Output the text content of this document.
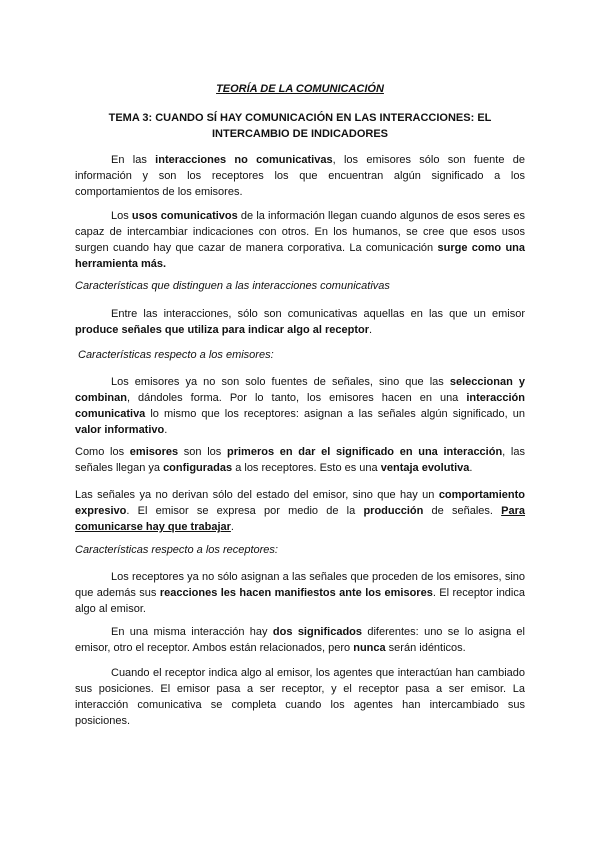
TEORÍA DE LA COMUNICACIÓN
TEMA 3: CUANDO SÍ HAY COMUNICACIÓN EN LAS INTERACCIONES: EL INTERCAMBIO DE INDICADORES

En las interacciones no comunicativas, los emisores sólo son fuente de información y son los receptores los que encuentran algún significado a los comportamientos de los emisores.

Los usos comunicativos de la información llegan cuando algunos de esos seres es capaz de intercambiar indicaciones con otros. En los humanos, se cree que esos usos surgen cuando hay que cazar de manera corporativa. La comunicación surge como una herramienta más.

Características que distinguen a las interacciones comunicativas

Entre las interacciones, sólo son comunicativas aquellas en las que un emisor produce señales que utiliza para indicar algo al receptor.

Características respecto a los emisores:

Los emisores ya no son solo fuentes de señales, sino que las seleccionan y combinan, dándoles forma. Por lo tanto, los emisores hacen en una interacción comunicativa lo mismo que los receptores: asignan a las señales algún significado, un valor informativo.

Como los emisores son los primeros en dar el significado en una interacción, las señales llegan ya configuradas a los receptores. Esto es una ventaja evolutiva.

Las señales ya no derivan sólo del estado del emisor, sino que hay un comportamiento expresivo. El emisor se expresa por medio de la producción de señales. Para comunicarse hay que trabajar.

Características respecto a los receptores:

Los receptores ya no sólo asignan a las señales que proceden de los emisores, sino que además sus reacciones les hacen manifiestos ante los emisores. El receptor indica algo al emisor.

En una misma interacción hay dos significados diferentes: uno se lo asigna el emisor, otro el receptor. Ambos están relacionados, pero nunca serán idénticos.

Cuando el receptor indica algo al emisor, los agentes que interactúan han cambiado sus posiciones. El emisor pasa a ser receptor, y el receptor pasa a ser emisor. La interacción comunicativa se completa cuando los agentes han intercambiado sus posiciones.
